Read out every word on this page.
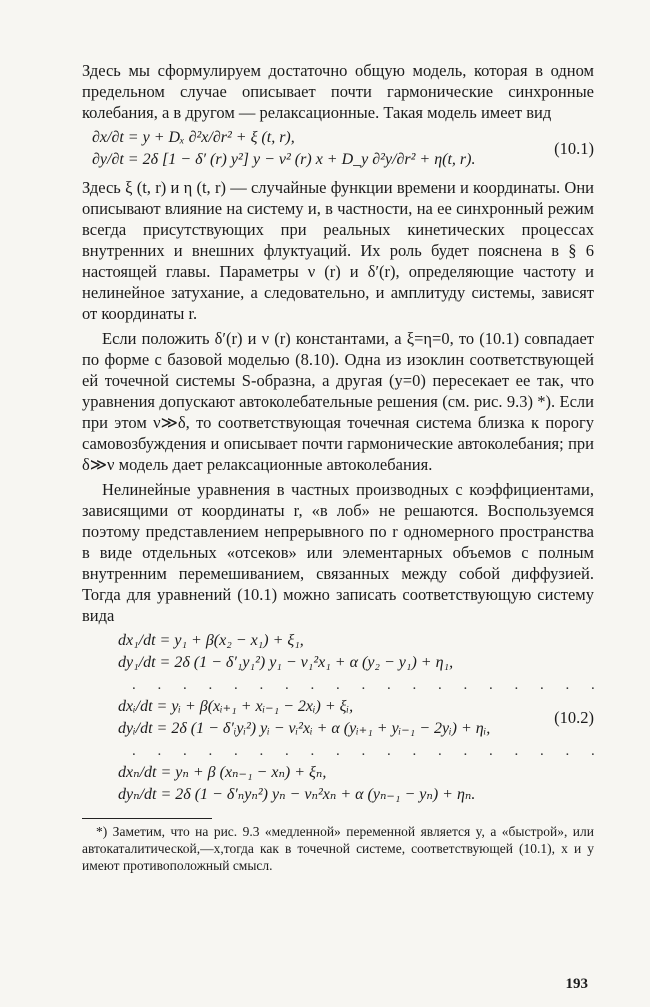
Здесь мы сформулируем достаточно общую модель, которая в одном предельном случае описывает почти гармонические синхронные колебания, а в другом — релаксационные. Такая модель имеет вид

∂x/∂t = y + Dₓ ∂²x/∂r² + ξ (t, r),
∂y/∂t = 2δ [1 − δ′ (r) y²] y − ν² (r) x + D_y ∂²y/∂r² + η(t, r).
(10.1)

Здесь ξ (t, r) и η (t, r) — случайные функции времени и координаты. Они описывают влияние на систему и, в частности, на ее синхронный режим всегда присутствующих при реальных кинетических процессах внутренних и внешних флуктуаций. Их роль будет пояснена в § 6 настоящей главы. Параметры ν (r) и δ′(r), определяющие частоту и нелинейное затухание, а следовательно, и амплитуду системы, зависят от координаты r.

Если положить δ′(r) и ν (r) константами, а ξ=η=0, то (10.1) совпадает по форме с базовой моделью (8.10). Одна из изоклин соответствующей ей точечной системы S-образна, а другая (y=0) пересекает ее так, что уравнения допускают автоколебательные решения (см. рис. 9.3) *). Если при этом ν≫δ, то соответствующая точечная система близка к порогу самовозбуждения и описывает почти гармонические автоколебания; при δ≫ν модель дает релаксационные автоколебания.

Нелинейные уравнения в частных производных с коэффициентами, зависящими от координаты r, «в лоб» не решаются. Воспользуемся поэтому представлением непрерывного по r одномерного пространства в виде отдельных «отсеков» или элементарных объемов с полным внутренним перемешиванием, связанных между собой диффузией. Тогда для уравнений (10.1) можно записать соответствующую систему вида

dx₁/dt = y₁ + β(x₂ − x₁) + ξ₁,
dy₁/dt = 2δ (1 − δ′₁y₁²) y₁ − ν₁²x₁ + α (y₂ − y₁) + η₁,
. . . . . . . . . . . . . . . . . . .
dxᵢ/dt = yᵢ + β(xᵢ₊₁ + xᵢ₋₁ − 2xᵢ) + ξᵢ,
dyᵢ/dt = 2δ (1 − δ′ᵢyᵢ²) yᵢ − νᵢ²xᵢ + α (yᵢ₊₁ + yᵢ₋₁ − 2yᵢ) + ηᵢ,
. . . . . . . . . . . . . . . . . . .
dxₙ/dt = yₙ + β (xₙ₋₁ − xₙ) + ξₙ,
dyₙ/dt = 2δ (1 − δ′ₙyₙ²) yₙ − νₙ²xₙ + α (yₙ₋₁ − yₙ) + ηₙ.
(10.2)

*) Заметим, что на рис. 9.3 «медленной» переменной является y, а «быстрой», или автокаталитической,—x,тогда как в точечной системе, соответствующей (10.1), x и y имеют противоположный смысл.

193
